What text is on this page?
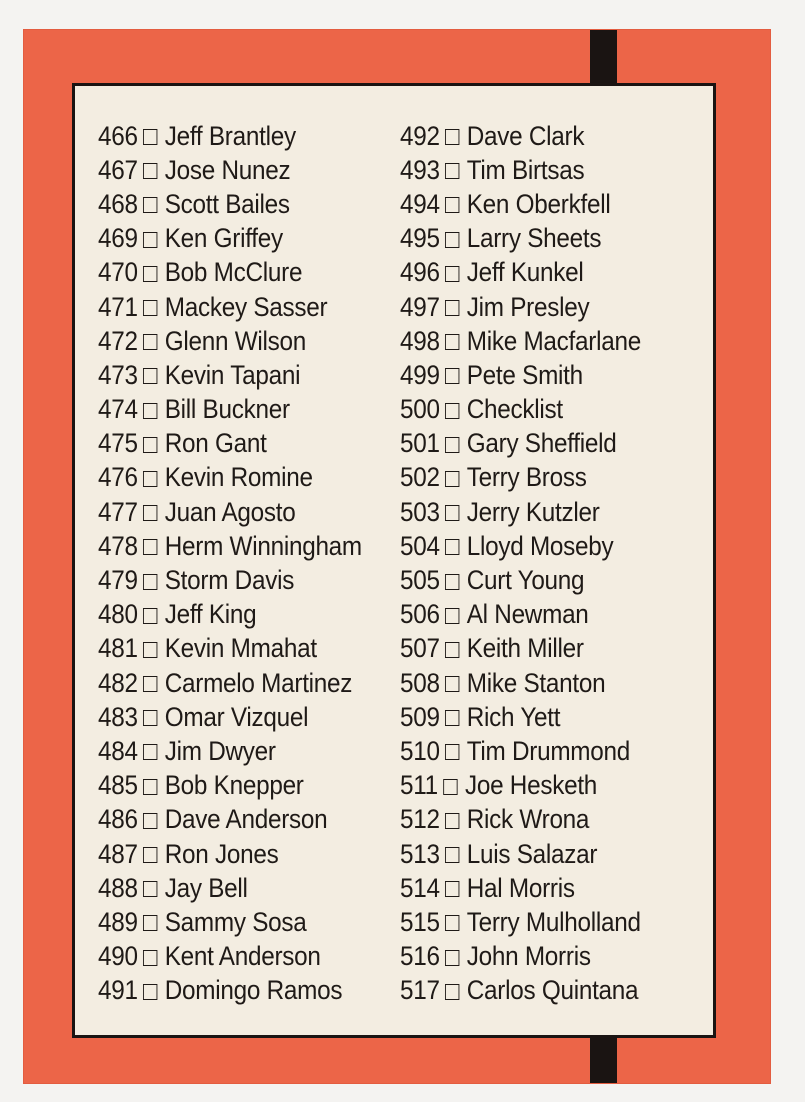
466 Jeff Brantley
467 Jose Nunez
468 Scott Bailes
469 Ken Griffey
470 Bob McClure
471 Mackey Sasser
472 Glenn Wilson
473 Kevin Tapani
474 Bill Buckner
475 Ron Gant
476 Kevin Romine
477 Juan Agosto
478 Herm Winningham
479 Storm Davis
480 Jeff King
481 Kevin Mmahat
482 Carmelo Martinez
483 Omar Vizquel
484 Jim Dwyer
485 Bob Knepper
486 Dave Anderson
487 Ron Jones
488 Jay Bell
489 Sammy Sosa
490 Kent Anderson
491 Domingo Ramos
492 Dave Clark
493 Tim Birtsas
494 Ken Oberkfell
495 Larry Sheets
496 Jeff Kunkel
497 Jim Presley
498 Mike Macfarlane
499 Pete Smith
500 Checklist
501 Gary Sheffield
502 Terry Bross
503 Jerry Kutzler
504 Lloyd Moseby
505 Curt Young
506 Al Newman
507 Keith Miller
508 Mike Stanton
509 Rich Yett
510 Tim Drummond
511 Joe Hesketh
512 Rick Wrona
513 Luis Salazar
514 Hal Morris
515 Terry Mulholland
516 John Morris
517 Carlos Quintana
